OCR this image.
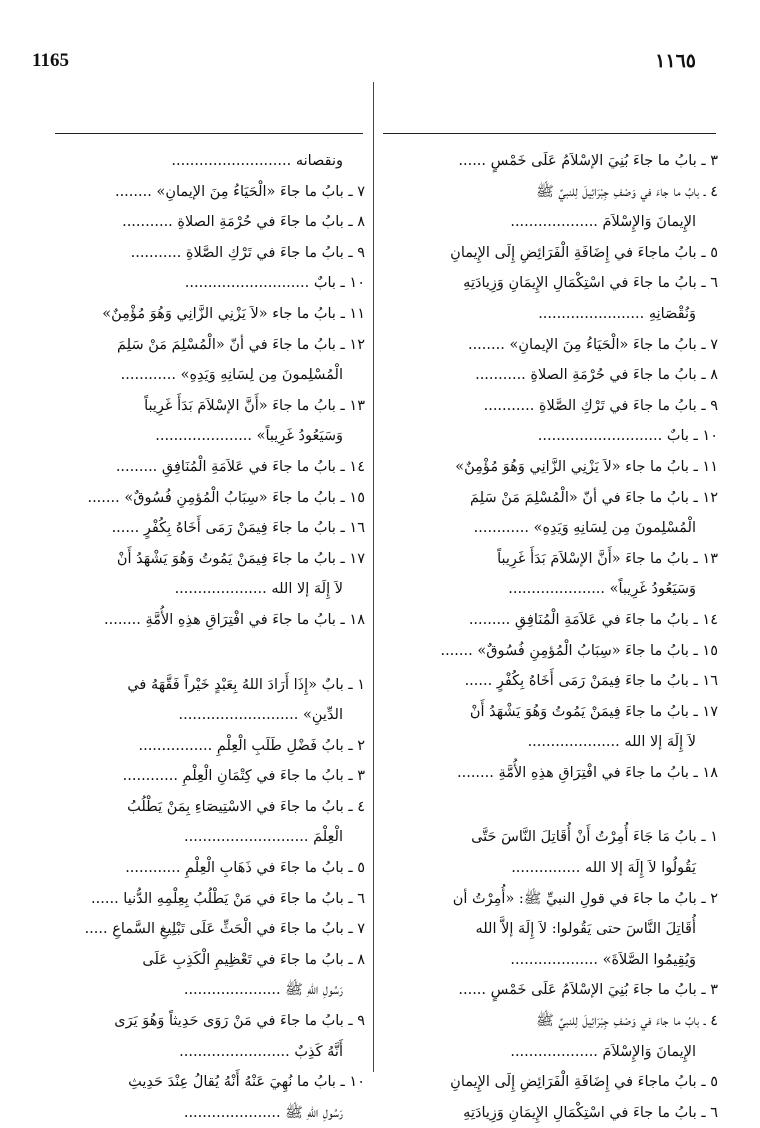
1165	١١٦٥
ونقصانه ..........................
٧ ـ بابُ ما جاءَ «الْحَيَاءُ مِنَ الإيمانِ» ........
٨ ـ بابُ ما جاءَ في حُرْمَةِ الصلاةِ ...........
٩ ـ بابُ ما جاءَ في تَرْكِ الصَّلاةِ ...........
١٠ ـ بابٌ ...........................
١١ ـ بابُ ما جاء «لاَ يَزْنِي الزَّانِي وَهُوَ مُؤْمِنٌ»
١٢ ـ بابُ ما جاءَ في أنّ «الْمُسْلِمَ مَنْ سَلِمَ
الْمُسْلِمونَ مِن لِسَانِهِ وَيَدِهِ» ............
١٣ ـ بابُ ما جاءَ «أَنَّ الإسْلاَمَ بَدَأَ غَرِيباً
وَسَيَعُودُ غَرِيباً» .....................
١٤ ـ بابُ ما جاءَ في عَلاَمَةِ الْمُنَافِقِ .........
١٥ ـ بابُ ما جاءَ «سِبَابُ الْمُؤمِنِ فُسُوقٌ» .......
١٦ ـ بابُ ما جاءَ فِيمَنْ رَمَى أَخَاهُ بِكُفْرٍ ......
١٧ ـ بابُ ما جاءَ فِيمَنْ يَمُوتُ وَهُوَ يَشْهَدُ أَنْ
لاَ إِلَهَ إلا الله ....................
١٨ ـ بابُ ما جاءَ في افْتِرَاقِ هذِهِ الأُمَّةِ ........
١ ـ بابٌ «إِذَا أَرَادَ اللهُ بِعَبْدٍ خَيْراً فَقَّهَهُ في
الدِّينِ» ..........................
٢ ـ بابُ فَضْلِ طَلَبِ الْعِلْمِ ................
٣ ـ بابُ ما جاءَ في كِتْمَانِ الْعِلْمِ ............
٤ ـ بابُ ما جاءَ في الاسْتِيصَاءِ بِمَنْ يَطْلُبُ
الْعِلْمَ ...........................
٥ ـ بابُ ما جاءَ في ذَهَابِ الْعِلْمِ ............
٦ ـ بابُ ما جاءَ في مَنْ يَطْلُبُ بِعِلْمِهِ الدُّنيا ......
٧ ـ بابُ ما جاءَ في الْحَثِّ عَلَى تَبْلِيغِ السَّماعِ .....
٨ ـ بابُ ما جاءَ في تَعْظِيمِ الْكَذِبِ عَلَى
رَسُولِ اللهِ ﷺ .....................
٩ ـ بابُ ما جاءَ في مَنْ رَوَى حَدِيثاً وَهُوَ يَرَى
أَنَّهُ كَذِبٌ ........................
١٠ ـ بابُ ما نُهِيَ عَنْهُ أَنْهُ يُقالُ عِنْدَ حَدِيثِ
رَسُولِ اللهِ ﷺ .....................
٣ ـ بابُ ما جاءَ بُنِيَ الإسْلاَمُ عَلَى خَمْسٍ ......
٤ ـ بابُ ما جاءَ في وَصْفِ جِبْرَائِيلَ لِلنبيِّ ﷺ
الإِيمانَ وَالإِسْلاَمَ ...................
٥ ـ بابُ ماجاءَ في إِضَافَةِ الْفَرَائِضِ إِلَى الإِيمانِ
٦ ـ بابُ ما جاءَ في اسْتِكْمَالِ الإِيمَانِ وَزِيادَتِهِ
وَنُقْصَانِهِ .......................
٧ ـ بابُ ما جاءَ «الْحَيَاءُ مِنَ الإيمانِ» ........
٨ ـ بابُ ما جاءَ في حُرْمَةِ الصلاةِ ...........
٩ ـ بابُ ما جاءَ في تَرْكِ الصَّلاةِ ...........
١٠ ـ بابٌ ...........................
١١ ـ بابُ ما جاء «لاَ يَزْنِي الزَّانِي وَهُوَ مُؤْمِنٌ»
١٢ ـ بابُ ما جاءَ في أنّ «الْمُسْلِمَ مَنْ سَلِمَ
الْمُسْلِمونَ مِن لِسَانِهِ وَيَدِهِ» ............
١٣ ـ بابُ ما جاءَ «أَنَّ الإسْلاَمَ بَدَأَ غَرِيباً
وَسَيَعُودُ غَرِيباً» .....................
١٤ ـ بابُ ما جاءَ في عَلاَمَةِ الْمُنَافِقِ .........
١٥ ـ بابُ ما جاءَ «سِبَابُ الْمُؤمِنِ فُسُوقٌ» .......
١٦ ـ بابُ ما جاءَ فِيمَنْ رَمَى أَخَاهُ بِكُفْرٍ ......
١٧ ـ بابُ ما جاءَ فِيمَنْ يَمُوتُ وَهُوَ يَشْهَدُ أَنْ
لاَ إِلَهَ إلا الله ....................
١٨ ـ بابُ ما جاءَ في افْتِرَاقِ هذِهِ الأُمَّةِ ........
١ ـ بابُ مَا جَاءَ أُمِرْتُ أَنْ أُقَاتِلَ النَّاسَ حَتَّى
يَقُولُوا لاَ إِلَهَ إلا الله ...............
٢ ـ بابُ ما جاءَ في قولِ النبيِّ ﷺ: «أُمِرْتُ أن
أُقَاتِلَ النَّاسَ حتى يَقُولوا: لاَ إِلَهَ إلاَّ الله
وَيُقِيمُوا الصَّلاَةَ» ...................
٣ ـ بابُ ما جاءَ بُنِيَ الإسْلاَمُ عَلَى خَمْسٍ ......
٤ ـ بابُ ما جاءَ في وَصْفِ جِبْرَائِيلَ لِلنبيِّ ﷺ
الإِيمانَ وَالإِسْلاَمَ ...................
٥ ـ بابُ ماجاءَ في إِضَافَةِ الْفَرَائِضِ إِلَى الإِيمانِ
٦ ـ بابُ ما جاءَ في اسْتِكْمَالِ الإِيمَانِ وَزِيادَتِهِ
